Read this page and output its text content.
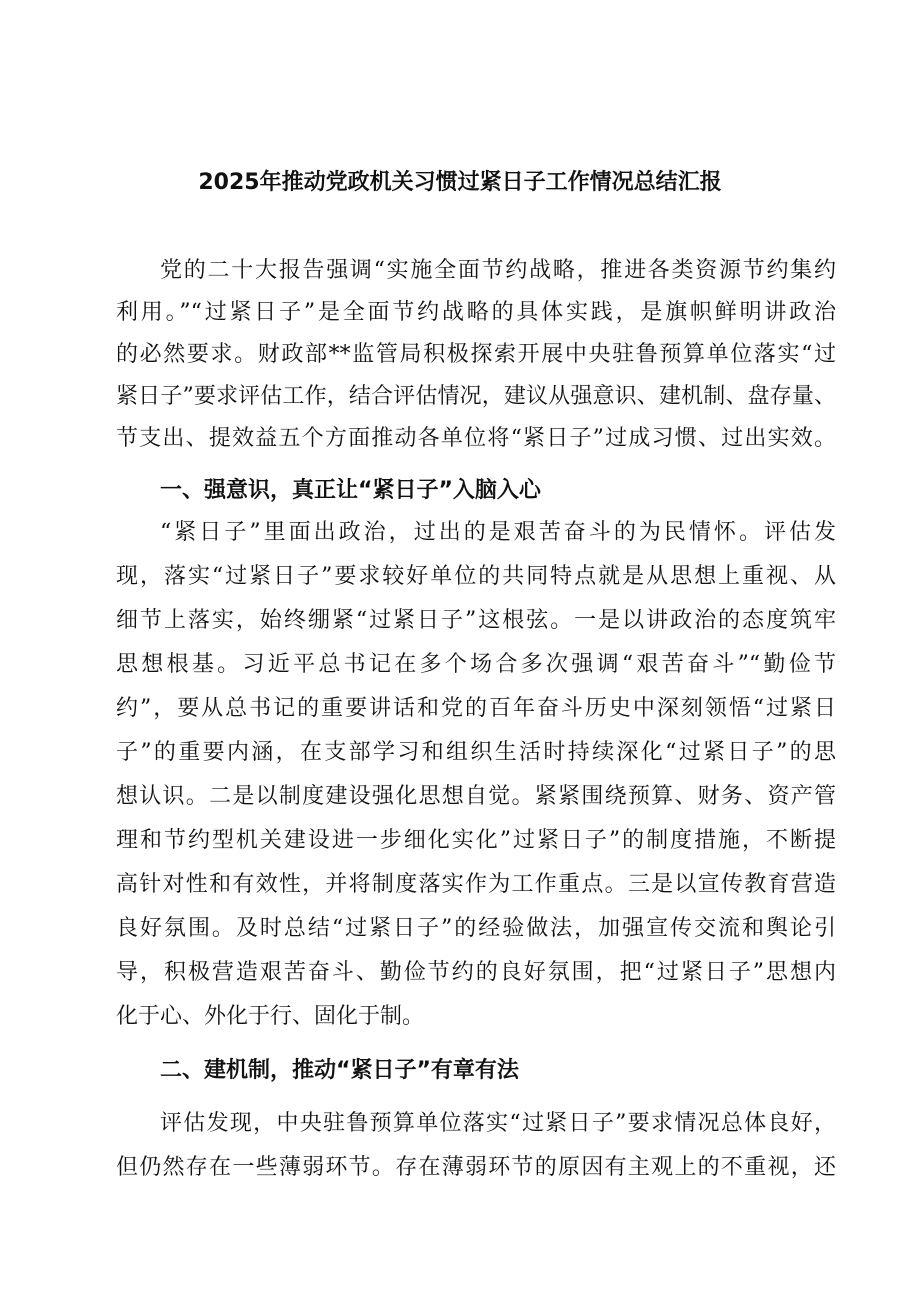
2025年推动党政机关习惯过紧日子工作情况总结汇报
党的二十大报告强调“实施全面节约战略，推进各类资源节约集约
利用。”“过紧日子”是全面节约战略的具体实践，是旗帜鲜明讲政治
的必然要求。财政部**监管局积极探索开展中央驻鲁预算单位落实“过
紧日子”要求评估工作，结合评估情况，建议从强意识、建机制、盘存量、
节支出、提效益五个方面推动各单位将“紧日子”过成习惯、过出实效。
一、强意识，真正让“紧日子”入脑入心
“紧日子”里面出政治，过出的是艰苦奋斗的为民情怀。评估发
现，落实“过紧日子”要求较好单位的共同特点就是从思想上重视、从
细节上落实，始终绷紧“过紧日子”这根弦。一是以讲政治的态度筑牢
思想根基。习近平总书记在多个场合多次强调“艰苦奋斗”“勤俭节
约”，要从总书记的重要讲话和党的百年奋斗历史中深刻领悟“过紧日
子”的重要内涵，在支部学习和组织生活时持续深化“过紧日子”的思
想认识。二是以制度建设强化思想自觉。紧紧围绕预算、财务、资产管
理和节约型机关建设进一步细化实化”过紧日子”的制度措施，不断提
高针对性和有效性，并将制度落实作为工作重点。三是以宣传教育营造
良好氛围。及时总结“过紧日子”的经验做法，加强宣传交流和舆论引
导，积极营造艰苦奋斗、勤俭节约的良好氛围，把“过紧日子”思想内
化于心、外化于行、固化于制。
二、建机制，推动“紧日子”有章有法
评估发现，中央驻鲁预算单位落实“过紧日子”要求情况总体良好，
但仍然存在一些薄弱环节。存在薄弱环节的原因有主观上的不重视，还
